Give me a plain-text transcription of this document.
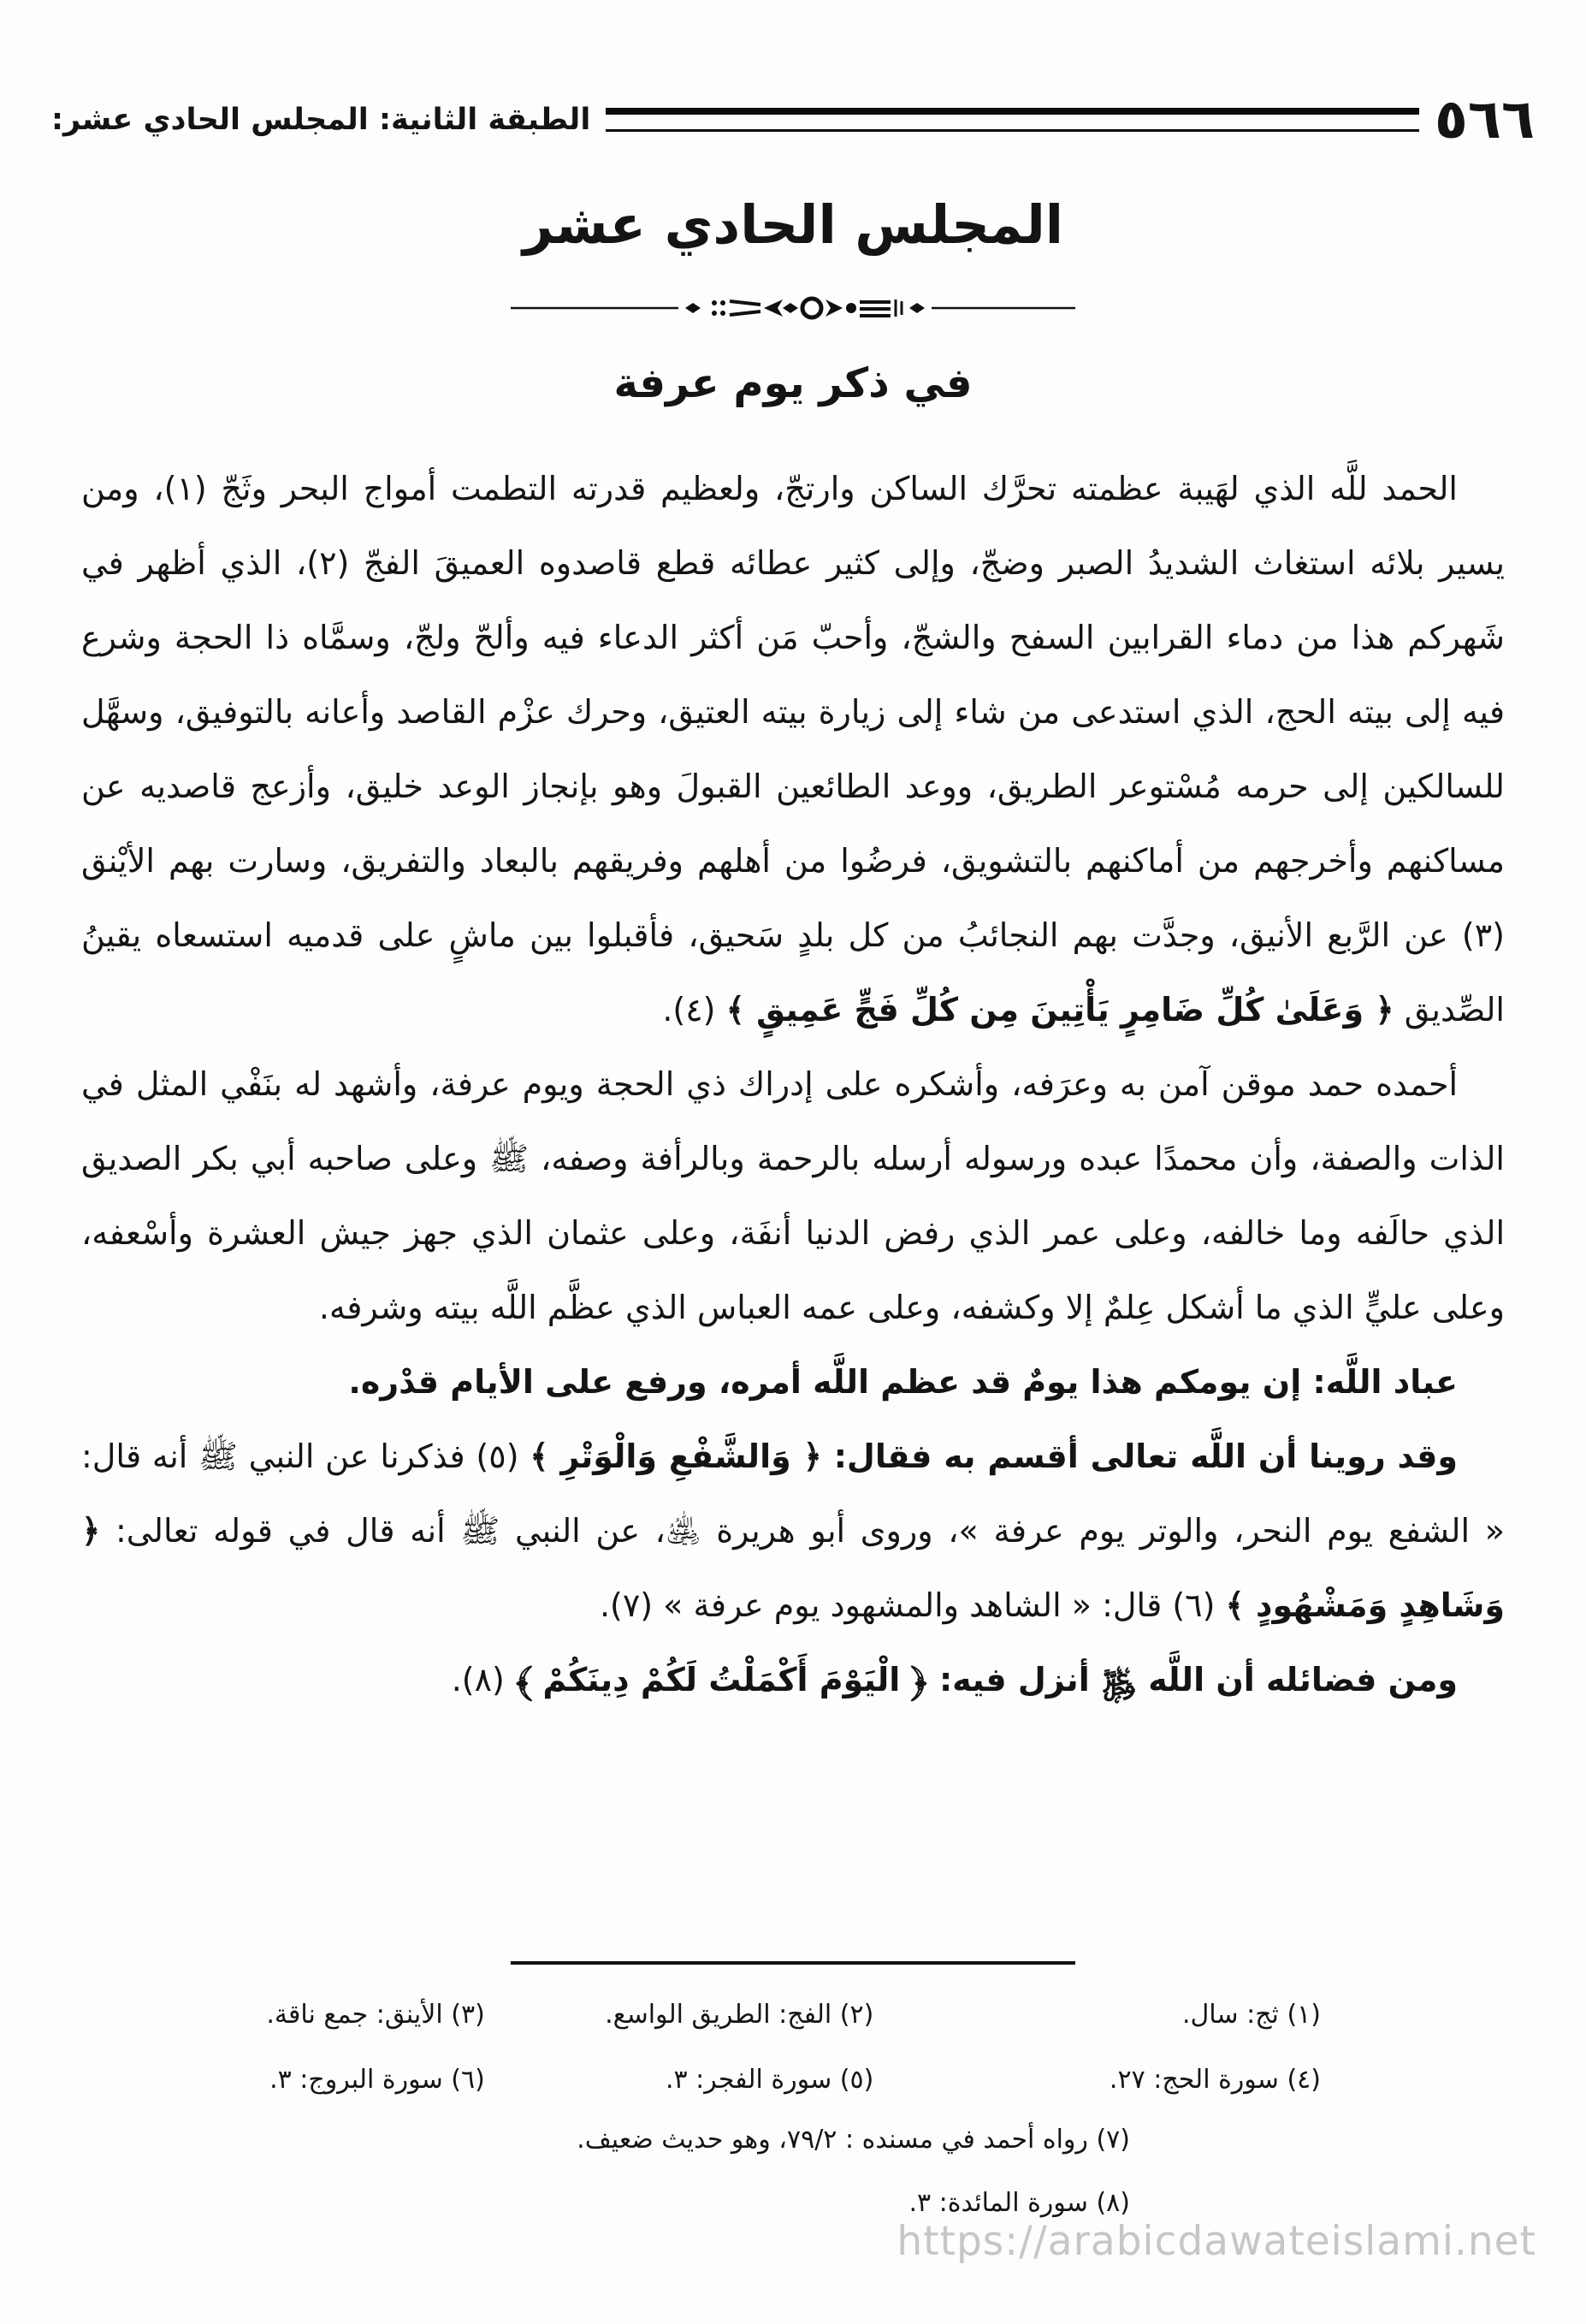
٥٦٦
الطبقة الثانية: المجلس الحادي عشر:
المجلس الحادي عشر
في ذكر يوم عرفة

الحمد للَّه الذي لهَيبة عظمته تحرَّك الساكن وارتجّ، ولعظيم قدرته التطمت أمواج البحر وثَجّ (١)، ومن يسير بلائه استغاث الشديدُ الصبر وضجّ، وإلى كثير عطائه قطع قاصدوه العميقَ الفجّ (٢)، الذي أظهر في شَهركم هذا من دماء القرابين السفح والشجّ، وأحبّ مَن أكثر الدعاء فيه وألحّ ولجّ، وسمَّاه ذا الحجة وشرع فيه إلى بيته الحج، الذي استدعى من شاء إلى زيارة بيته العتيق، وحرك عزْم القاصد وأعانه بالتوفيق، وسهَّل للسالكين إلى حرمه مُسْتوعر الطريق، ووعد الطائعين القبولَ وهو بإنجاز الوعد خليق، وأزعج قاصديه عن مساكنهم وأخرجهم من أماكنهم بالتشويق، فرضُوا من أهلهم وفريقهم بالبعاد والتفريق، وسارت بهم الأيْنق (٣) عن الرَّبع الأنيق، وجدَّت بهم النجائبُ من كل بلدٍ سَحيق، فأقبلوا بين ماشٍ على قدميه استسعاه يقينُ الصِّديق ﴿ وَعَلَىٰ كُلِّ ضَامِرٍ يَأْتِينَ مِن كُلِّ فَجٍّ عَمِيقٍ ﴾ (٤).

أحمده حمد موقن آمن به وعرَفه، وأشكره على إدراك ذي الحجة ويوم عرفة، وأشهد له بنَفْي المثل في الذات والصفة، وأن محمدًا عبده ورسوله أرسله بالرحمة وبالرأفة وصفه، ﷺ وعلى صاحبه أبي بكر الصديق الذي حالَفه وما خالفه، وعلى عمر الذي رفض الدنيا أنفَة، وعلى عثمان الذي جهز جيش العشرة وأسْعفه، وعلى عليٍّ الذي ما أشكل عِلمٌ إلا وكشفه، وعلى عمه العباس الذي عظَّم اللَّه بيته وشرفه.

عباد اللَّه: إن يومكم هذا يومٌ قد عظم اللَّه أمره، ورفع على الأيام قدْره.

وقد روينا أن اللَّه تعالى أقسم به فقال: ﴿ وَالشَّفْعِ وَالْوَتْرِ ﴾ (٥) فذكرنا عن النبي ﷺ أنه قال: « الشفع يوم النحر، والوتر يوم عرفة »، وروى أبو هريرة ﵁، عن النبي ﷺ أنه قال في قوله تعالى: ﴿ وَشَاهِدٍ وَمَشْهُودٍ ﴾ (٦) قال: « الشاهد والمشهود يوم عرفة » (٧).

ومن فضائله أن اللَّه ﷿ أنزل فيه: ﴿ الْيَوْمَ أَكْمَلْتُ لَكُمْ دِينَكُمْ ﴾ (٨).

(١) ثج: سال.
(٢) الفج: الطريق الواسع.
(٣) الأينق: جمع ناقة.
(٤) سورة الحج: ٢٧.
(٥) سورة الفجر: ٣.
(٦) سورة البروج: ٣.
(٧) رواه أحمد في مسنده : ٧٩/٢، وهو حديث ضعيف.
(٨) سورة المائدة: ٣.
https://arabicdawateislami.net
